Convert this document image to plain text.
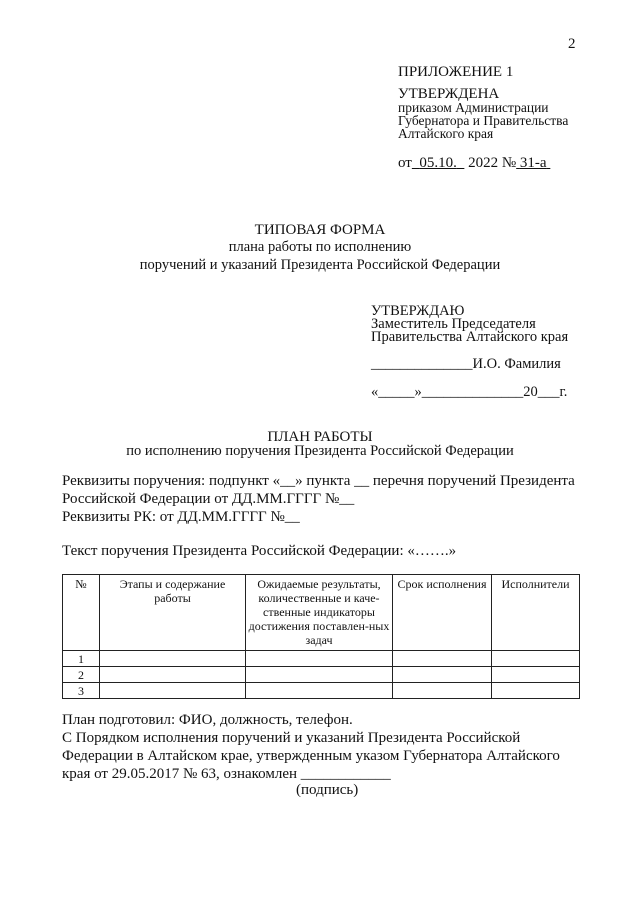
2
ПРИЛОЖЕНИЕ 1
УТВЕРЖДЕНА
приказом Администрации
Губернатора и Правительства
Алтайского края
от 05.10. 2022 № 31-а
ТИПОВАЯ ФОРМА
плана работы по исполнению
поручений и указаний Президента Российской Федерации
УТВЕРЖДАЮ
Заместитель Председателя
Правительства Алтайского края
______________И.О. Фамилия
«_____»______________20___г.
ПЛАН РАБОТЫ
по исполнению поручения Президента Российской Федерации
Реквизиты поручения: подпункт «__» пункта __ перечня поручений Президента Российской Федерации от ДД.ММ.ГГГГ №__
Реквизиты РК: от ДД.ММ.ГГГГ №__
Текст поручения Президента Российской Федерации: «…….»
№	Этапы и содержание работы	Ожидаемые результаты, количественные и каче-ственные индикаторы достижения поставлен-ных задач	Срок исполнения	Исполнители
1				
2				
3				
План подготовил: ФИО, должность, телефон.
С Порядком исполнения поручений и указаний Президента Российской Федерации в Алтайском крае, утвержденным указом Губернатора Алтайского края от 29.05.2017 № 63, ознакомлен ____________
(подпись)
